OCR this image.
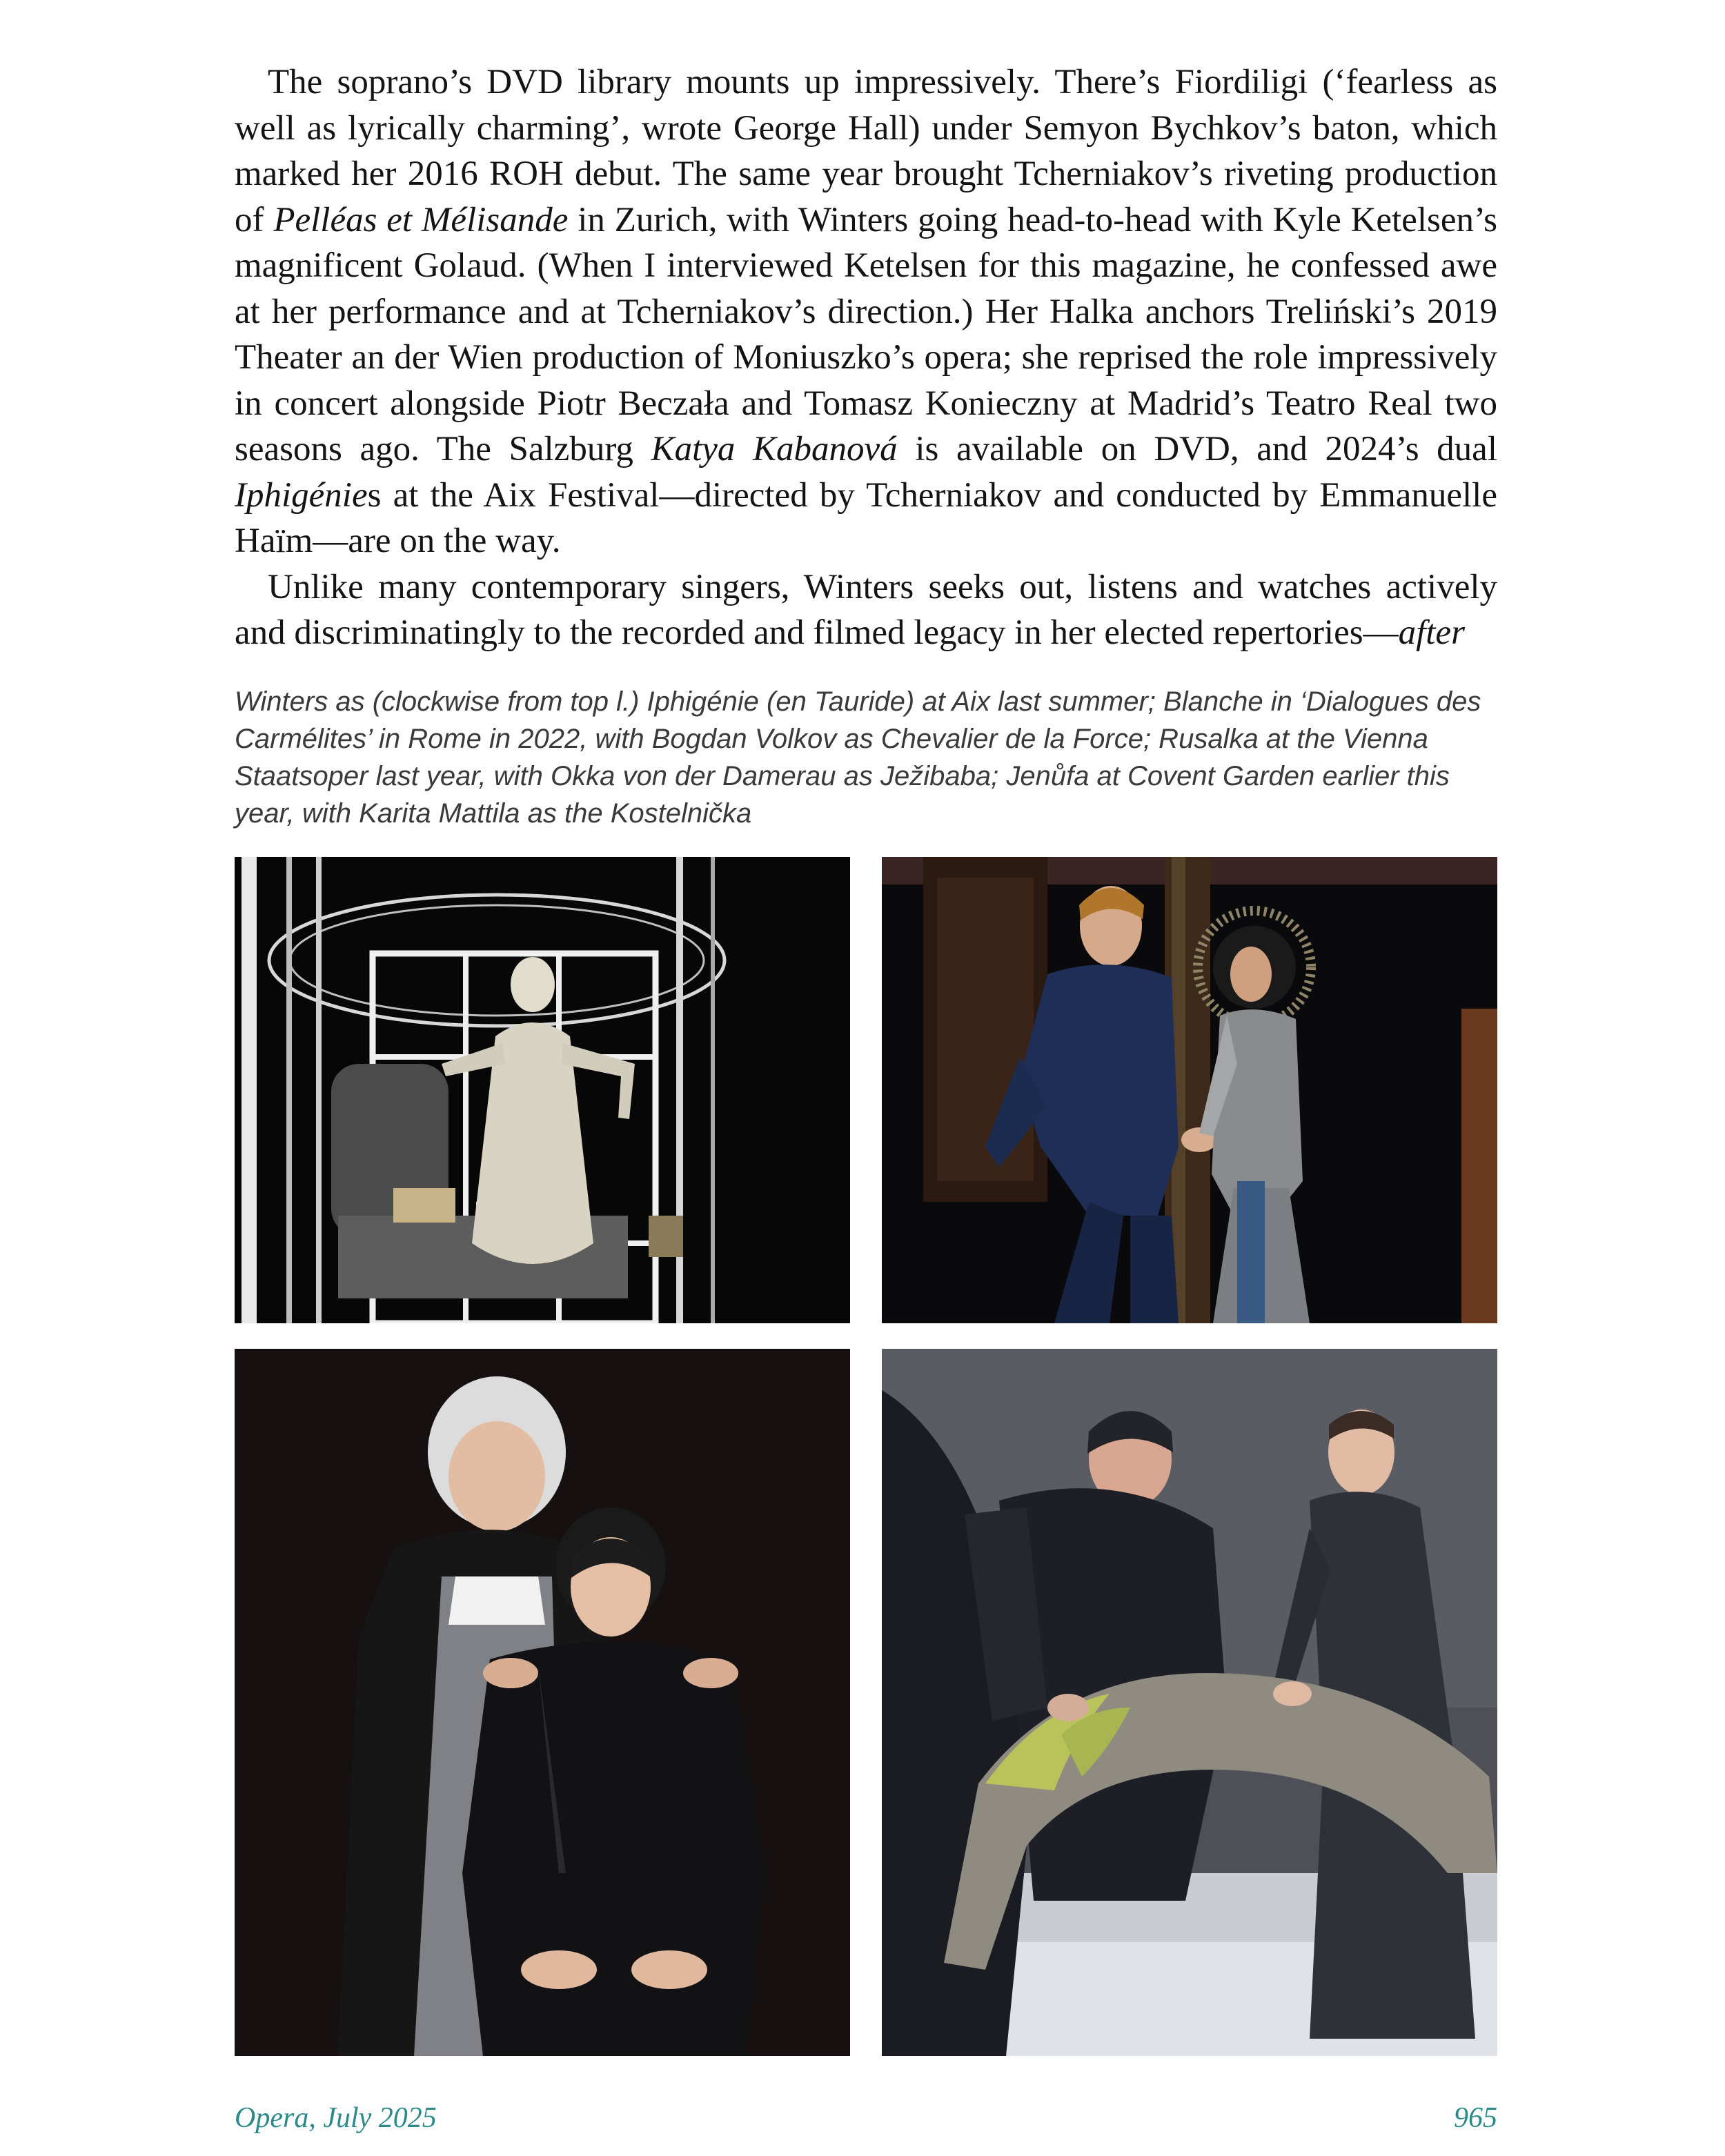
The soprano’s DVD library mounts up impressively. There’s Fiordiligi (‘fearless as well as lyrically charming’, wrote George Hall) under Semyon Bychkov’s baton, which marked her 2016 ROH debut. The same year brought Tcherniakov’s riveting production of Pelléas et Mélisande in Zurich, with Winters going head-to-head with Kyle Ketelsen’s magnificent Golaud. (When I interviewed Ketelsen for this magazine, he confessed awe at her performance and at Tcherniakov’s direction.) Her Halka anchors Treliński’s 2019 Theater an der Wien production of Moniuszko’s opera; she reprised the role impressively in concert alongside Piotr Beczała and Tomasz Konieczny at Madrid’s Teatro Real two seasons ago. The Salzburg Katya Kabanová is available on DVD, and 2024’s dual Iphigénies at the Aix Festival—directed by Tcherniakov and conducted by Emmanuelle Haïm—are on the way.

Unlike many contemporary singers, Winters seeks out, listens and watches actively and discriminatingly to the recorded and filmed legacy in her elected repertories—after

Winters as (clockwise from top l.) Iphigénie (en Tauride) at Aix last summer; Blanche in ‘Dialogues des Carmélites’ in Rome in 2022, with Bogdan Volkov as Chevalier de la Force; Rusalka at the Vienna Staatsoper last year, with Okka von der Damerau as Ježibaba; Jenůfa at Covent Garden earlier this year, with Karita Mattila as the Kostelnička
Opera, July 2025	965
